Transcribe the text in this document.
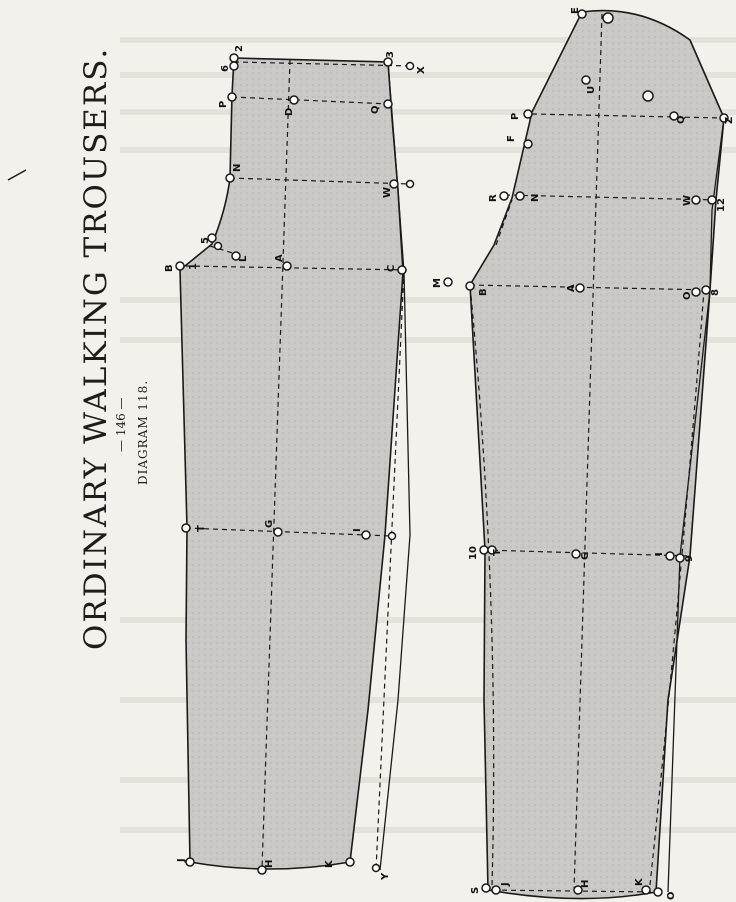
2
6
3
X
P
D	Q
N
W
5
B
L	A
C
T
G
I
J	H	K
Y
1
E
U
P	Q	Z
F
R	N	W 12
M
B
A
O 8
10 T	G	I
9
S
J	H	K
O
ORDINARY WALKING TROUSERS. — 146 — DIAGRAM 118.
